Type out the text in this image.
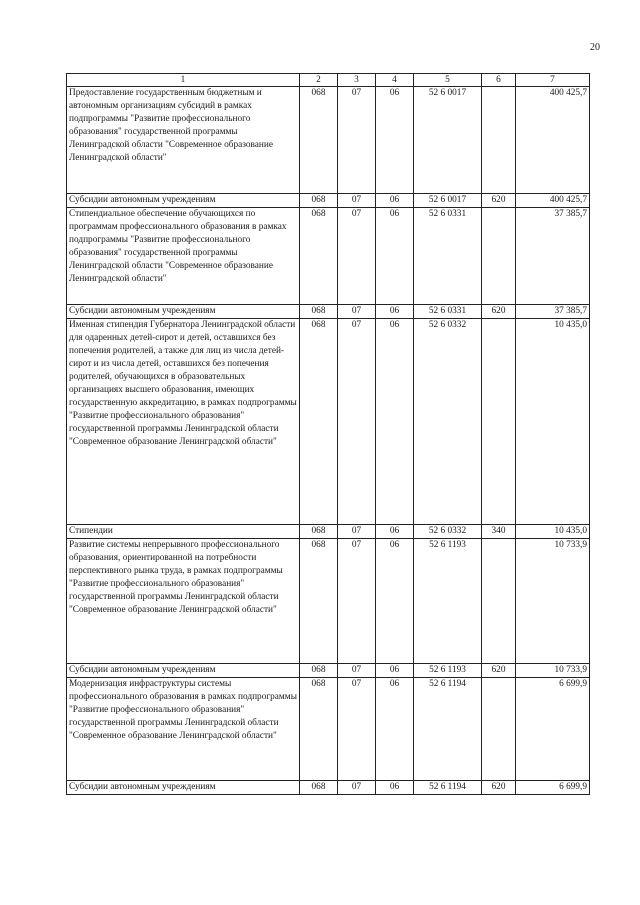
20
1	2	3	4	5	6	7
Предоставление государственным бюджетным и автономным организациям субсидий в рамках подпрограммы "Развитие профессионального образования" государственной программы Ленинградской области "Современное образование Ленинградской области"	068	07	06	52 6 0017		400 425,7
Субсидии автономным учреждениям	068	07	06	52 6 0017	620	400 425,7
Стипендиальное обеспечение обучающихся по программам профессионального образования в рамках подпрограммы "Развитие профессионального образования" государственной программы Ленинградской области "Современное образование Ленинградской области"	068	07	06	52 6 0331		37 385,7
Субсидии автономным учреждениям	068	07	06	52 6 0331	620	37 385,7
Именная стипендия Губернатора Ленинградской области для одаренных детей-сирот и детей, оставшихся без попечения родителей, а также для лиц из числа детей-сирот и из числа детей, оставшихся без попечения родителей, обучающихся в образовательных организациях высшего образования, имеющих государственную аккредитацию, в рамках подпрограммы "Развитие профессионального образования" государственной программы Ленинградской области "Современное образование Ленинградской области"	068	07	06	52 6 0332		10 435,0
Стипендии	068	07	06	52 6 0332	340	10 435,0
Развитие системы непрерывного профессионального образования, ориентированной на потребности перспективного рынка труда, в рамках подпрограммы "Развитие профессионального образования" государственной программы Ленинградской области "Современное образование Ленинградской области"	068	07	06	52 6 1193		10 733,9
Субсидии автономным учреждениям	068	07	06	52 6 1193	620	10 733,9
Модернизация инфраструктуры системы профессионального образования в рамках подпрограммы "Развитие профессионального образования" государственной программы Ленинградской области "Современное образование Ленинградской области"	068	07	06	52 6 1194		6 699,9
Субсидии автономным учреждениям	068	07	06	52 6 1194	620	6 699,9
